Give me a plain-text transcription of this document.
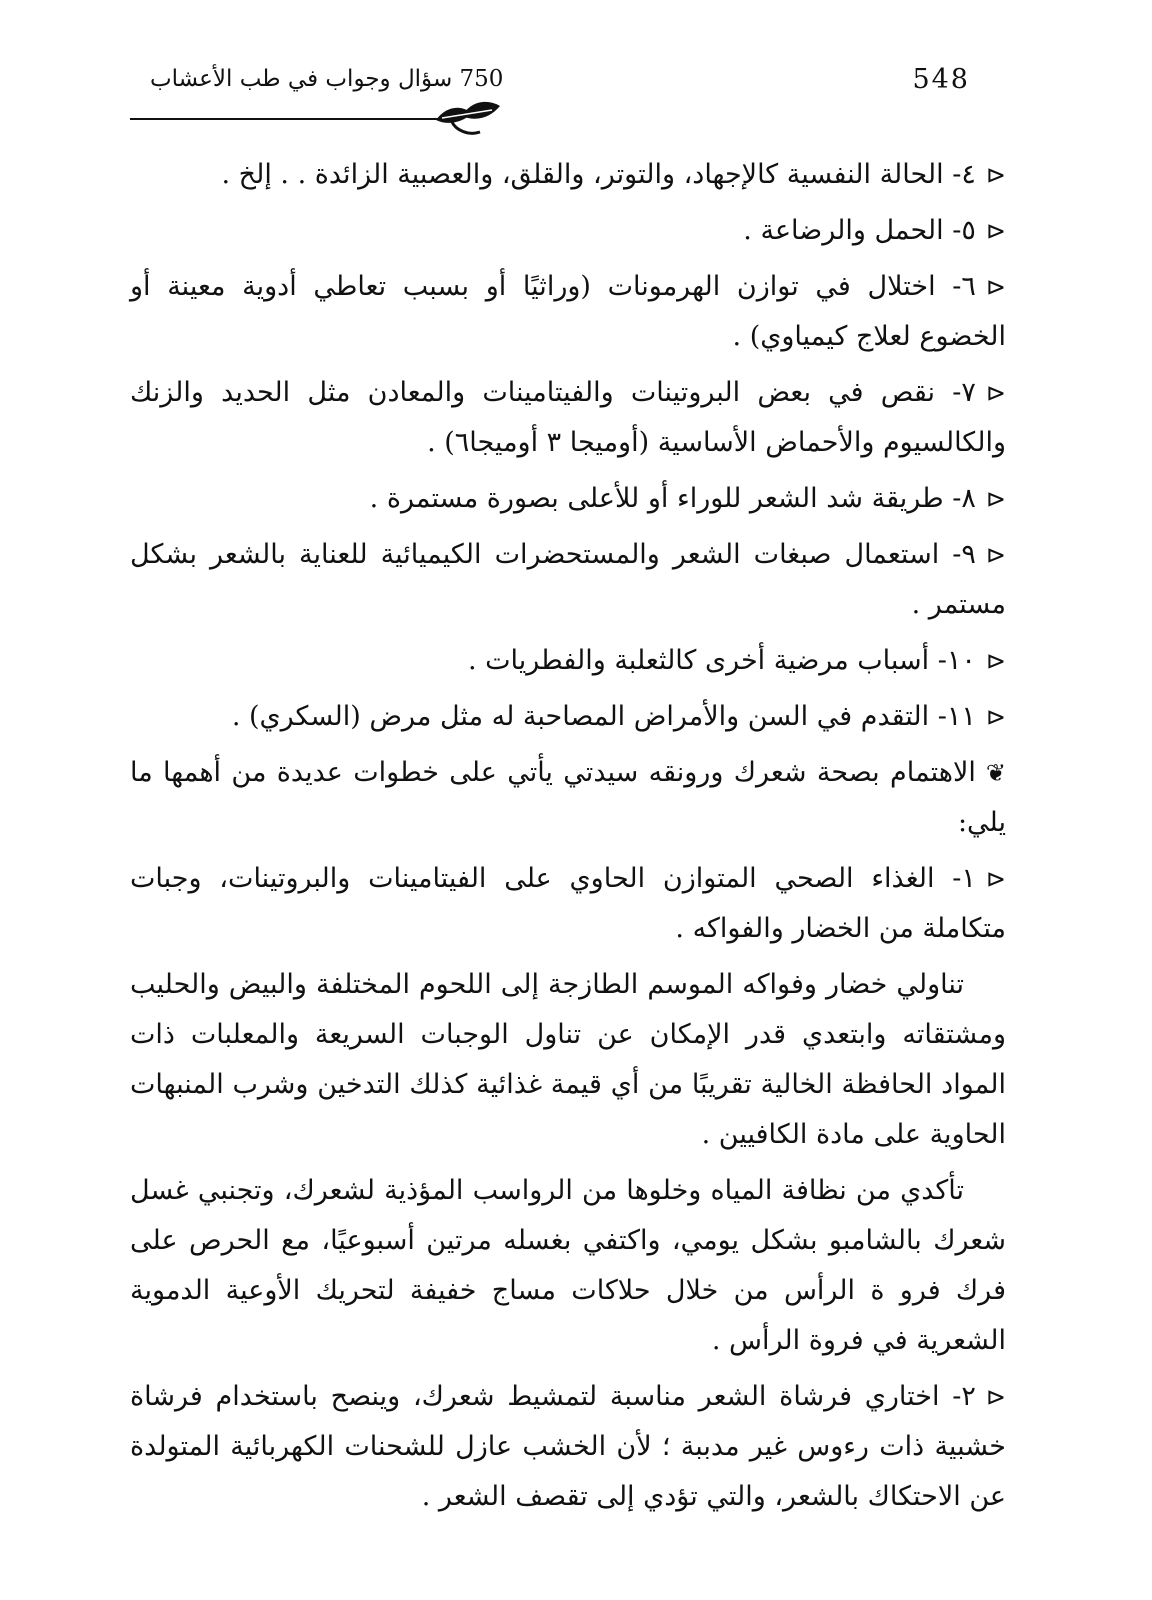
548
750 سؤال وجواب في طب الأعشاب

⊲٤- الحالة النفسية كالإجهاد، والتوتر، والقلق، والعصبية الزائدة . . إلخ .

⊲٥- الحمل والرضاعة .

⊲٦- اختلال في توازن الهرمونات (وراثيًا أو بسبب تعاطي أدوية معينة أو الخضوع لعلاج كيمياوي) .

⊲٧- نقص في بعض البروتينات والفيتامينات والمعادن مثل الحديد والزنك والكالسيوم والأحماض الأساسية (أوميجا ٣ أوميجا٦) .

⊲٨- طريقة شد الشعر للوراء أو للأعلى بصورة مستمرة .

⊲٩- استعمال صبغات الشعر والمستحضرات الكيميائية للعناية بالشعر بشكل مستمر .

⊲١٠- أسباب مرضية أخرى كالثعلبة والفطريات .

⊲١١- التقدم في السن والأمراض المصاحبة له مثل مرض (السكري) .

❦الاهتمام بصحة شعرك ورونقه سيدتي يأتي على خطوات عديدة من أهمها ما يلي:

⊲١- الغذاء الصحي المتوازن الحاوي على الفيتامينات والبروتينات، وجبات متكاملة من الخضار والفواكه .

تناولي خضار وفواكه الموسم الطازجة إلى اللحوم المختلفة والبيض والحليب ومشتقاته وابتعدي قدر الإمكان عن تناول الوجبات السريعة والمعلبات ذات المواد الحافظة الخالية تقريبًا من أي قيمة غذائية كذلك التدخين وشرب المنبهات الحاوية على مادة الكافيين .

تأكدي من نظافة المياه وخلوها من الرواسب المؤذية لشعرك، وتجنبي غسل شعرك بالشامبو بشكل يومي، واكتفي بغسله مرتين أسبوعيًا، مع الحرص على فرك فرو ة الرأس من خلال حلاكات مساج خفيفة لتحريك الأوعية الدموية الشعرية في فروة الرأس .

⊲٢- اختاري فرشاة الشعر مناسبة لتمشيط شعرك، وينصح باستخدام فرشاة خشبية ذات رءوس غير مدببة ؛ لأن الخشب عازل للشحنات الكهربائية المتولدة عن الاحتكاك بالشعر، والتي تؤدي إلى تقصف الشعر .
